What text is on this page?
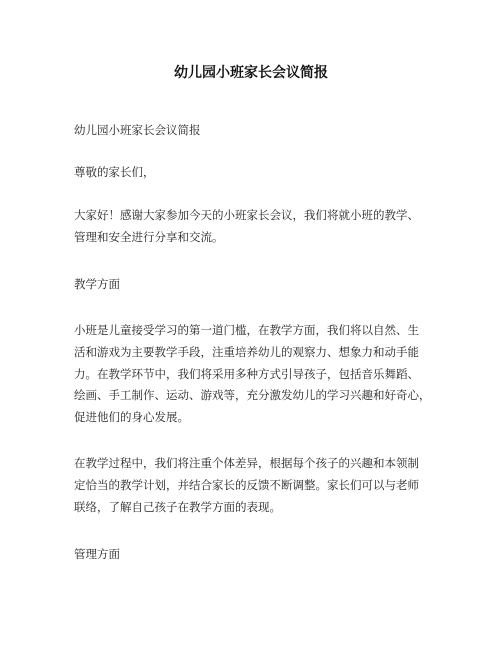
幼儿园小班家长会议简报
幼儿园小班家长会议简报
尊敬的家长们，
大家好！感谢大家参加今天的小班家长会议，我们将就小班的教学、
管理和安全进行分享和交流。
教学方面
小班是儿童接受学习的第一道门槛，在教学方面，我们将以自然、生
活和游戏为主要教学手段，注重培养幼儿的观察力、想象力和动手能
力。在教学环节中，我们将采用多种方式引导孩子，包括音乐舞蹈、
绘画、手工制作、运动、游戏等，充分激发幼儿的学习兴趣和好奇心，
促进他们的身心发展。
在教学过程中，我们将注重个体差异，根据每个孩子的兴趣和本领制
定恰当的教学计划，并结合家长的反馈不断调整。家长们可以与老师
联络，了解自己孩子在教学方面的表现。
管理方面
